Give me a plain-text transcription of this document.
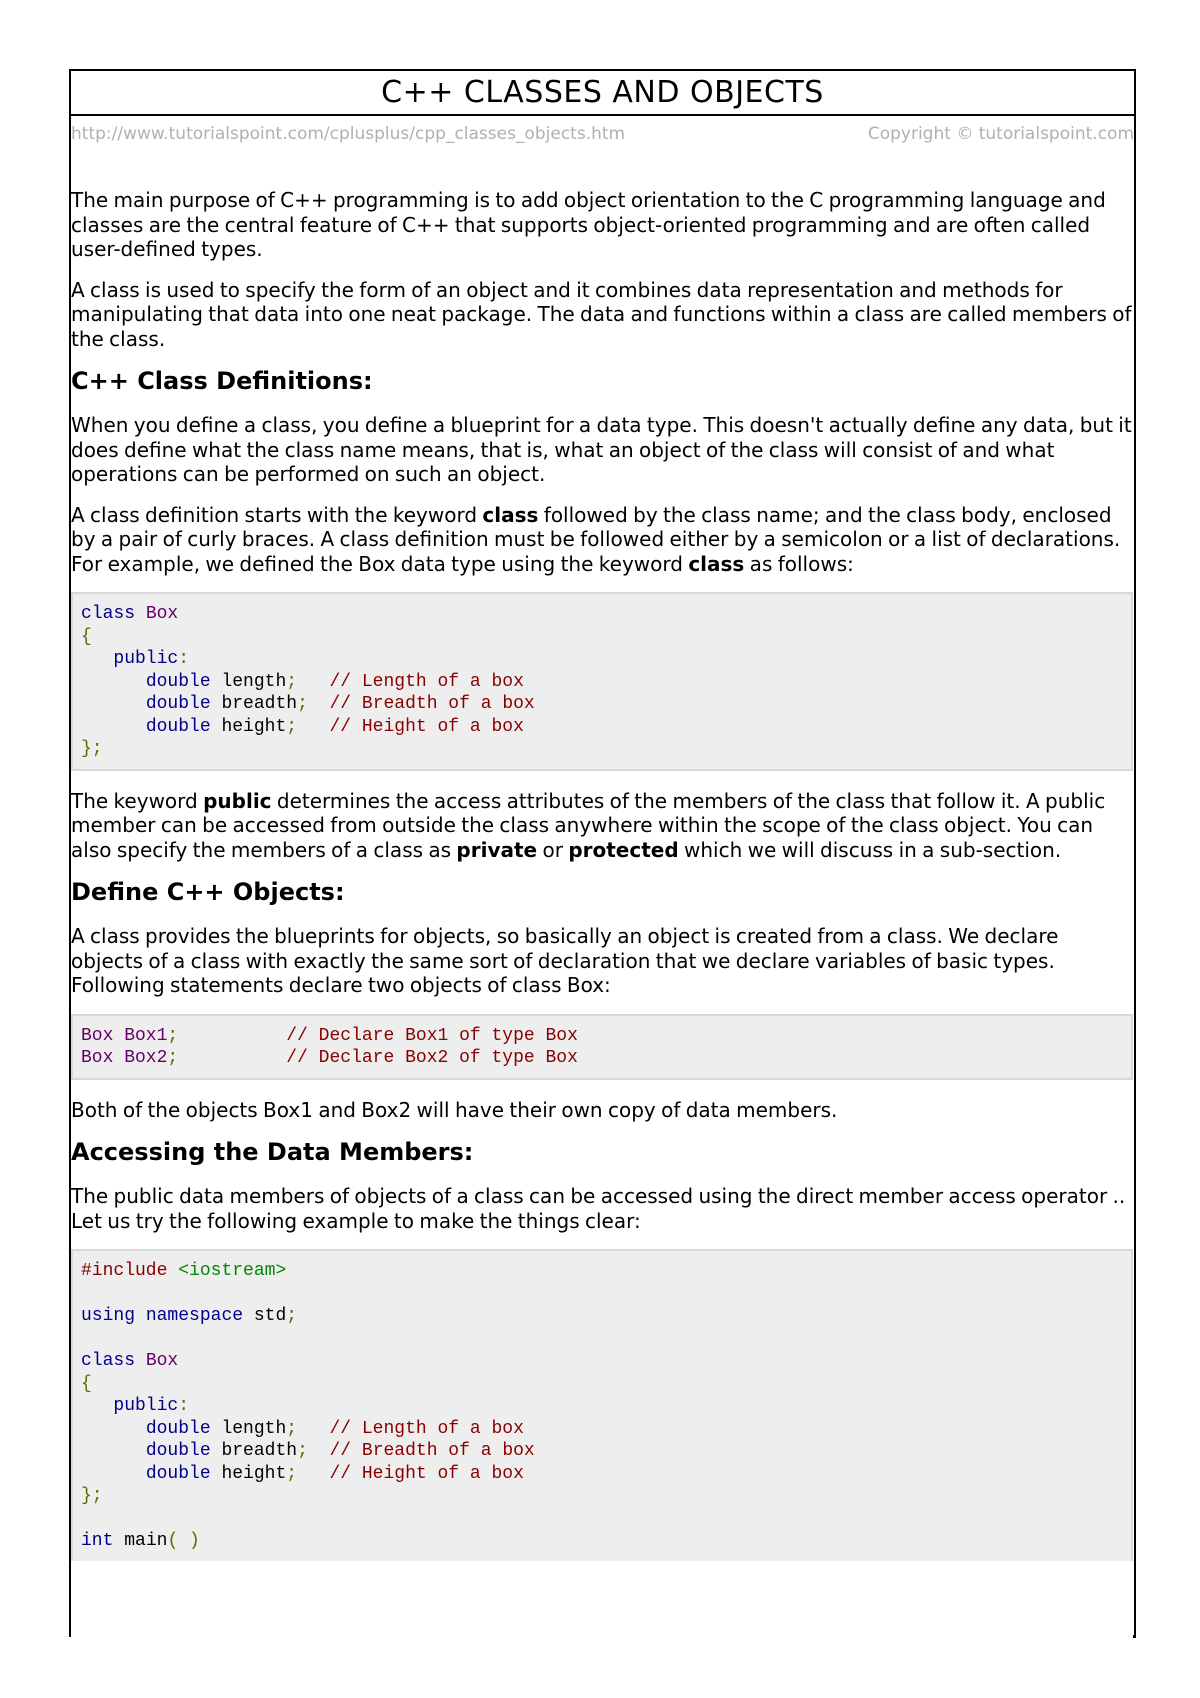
C++ CLASSES AND OBJECTS
http://www.tutorialspoint.com/cplusplus/cpp_classes_objects.htm	Copyright © tutorialspoint.com

The main purpose of C++ programming is to add object orientation to the C programming language and classes are the central feature of C++ that supports object-oriented programming and are often called user-defined types.

A class is used to specify the form of an object and it combines data representation and methods for manipulating that data into one neat package. The data and functions within a class are called members of the class.

C++ Class Definitions:

When you define a class, you define a blueprint for a data type. This doesn't actually define any data, but it does define what the class name means, that is, what an object of the class will consist of and what operations can be performed on such an object.

A class definition starts with the keyword class followed by the class name; and the class body, enclosed by a pair of curly braces. A class definition must be followed either by a semicolon or a list of declarations. For example, we defined the Box data type using the keyword class as follows:

class Box
{
public:
double length; // Length of a box
double breadth; // Breadth of a box
double height; // Height of a box
};

The keyword public determines the access attributes of the members of the class that follow it. A public member can be accessed from outside the class anywhere within the scope of the class object. You can also specify the members of a class as private or protected which we will discuss in a sub-section.

Define C++ Objects:

A class provides the blueprints for objects, so basically an object is created from a class. We declare objects of a class with exactly the same sort of declaration that we declare variables of basic types. Following statements declare two objects of class Box:

Box Box1;	// Declare Box1 of type Box
Box Box2;	// Declare Box2 of type Box

Both of the objects Box1 and Box2 will have their own copy of data members.

Accessing the Data Members:

The public data members of objects of a class can be accessed using the direct member access operator .. Let us try the following example to make the things clear:

#include <iostream>

using namespace std;

class Box
{
public:
double length; // Length of a box
double breadth; // Breadth of a box
double height; // Height of a box
};

int main( )
